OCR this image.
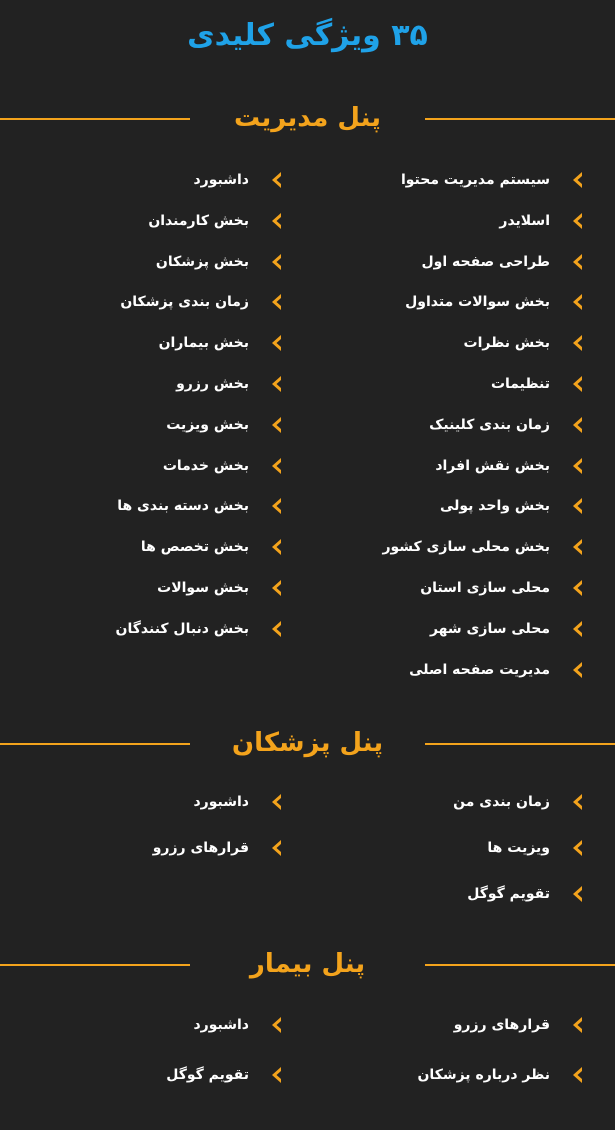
۳۵ ویژگی کلیدی
پنل مدیریت
سیستم مدیریت محتوا
اسلایدر
طراحی صفحه اول
بخش سوالات متداول
بخش نظرات
تنظیمات
زمان بندی کلینیک
بخش نقش افراد
بخش واحد پولی
بخش محلی سازی کشور
محلی سازی استان
محلی سازی شهر
مدیریت صفحه اصلی
داشبورد
بخش کارمندان
بخش پزشکان
زمان بندی پزشکان
بخش بیماران
بخش رزرو
بخش ویزیت
بخش خدمات
بخش دسته بندی ها
بخش تخصص ها
بخش سوالات
بخش دنبال کنندگان
پنل پزشکان
زمان بندی من
ویزیت ها
تقویم گوگل
داشبورد
قرارهای رزرو
پنل بیمار
قرارهای رزرو
نظر درباره پزشکان
داشبورد
تقویم گوگل
